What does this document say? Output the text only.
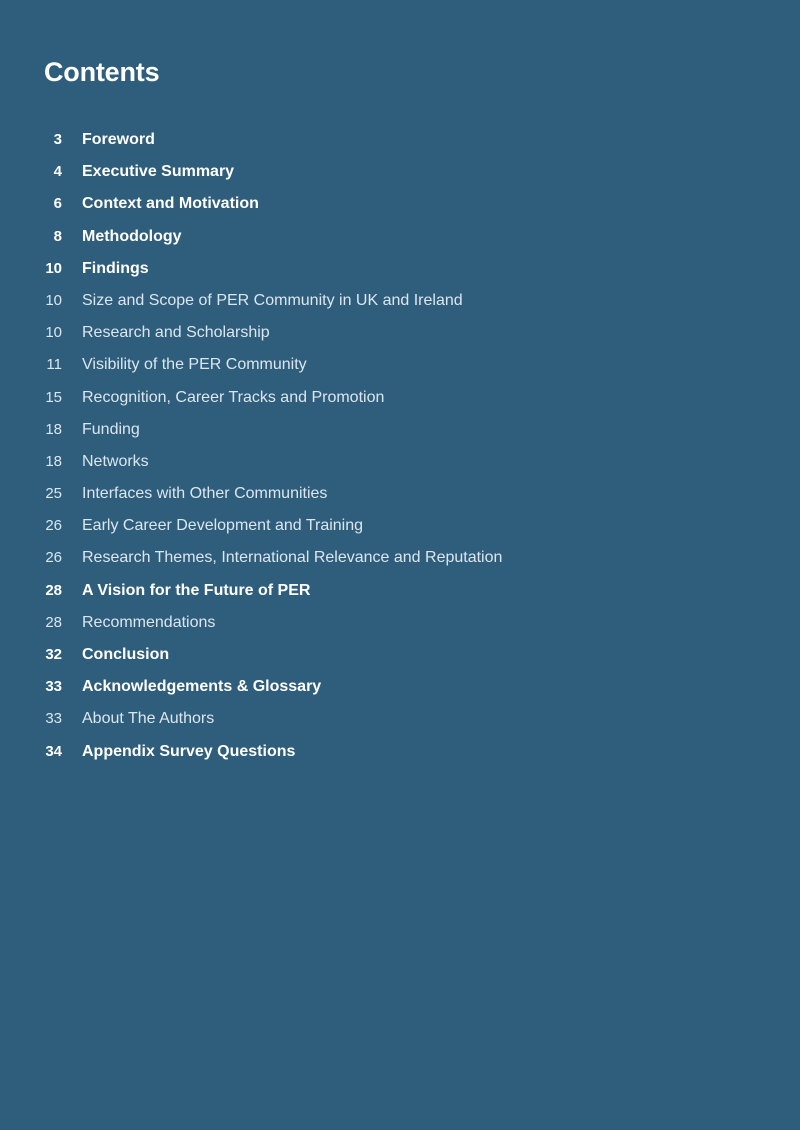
Contents
3 Foreword
4 Executive Summary
6 Context and Motivation
8 Methodology
10 Findings
10 Size and Scope of PER Community in UK and Ireland
10 Research and Scholarship
11 Visibility of the PER Community
15 Recognition, Career Tracks and Promotion
18 Funding
18 Networks
25 Interfaces with Other Communities
26 Early Career Development and Training
26 Research Themes, International Relevance and Reputation
28 A Vision for the Future of PER
28 Recommendations
32 Conclusion
33 Acknowledgements & Glossary
33 About The Authors
34 Appendix Survey Questions
